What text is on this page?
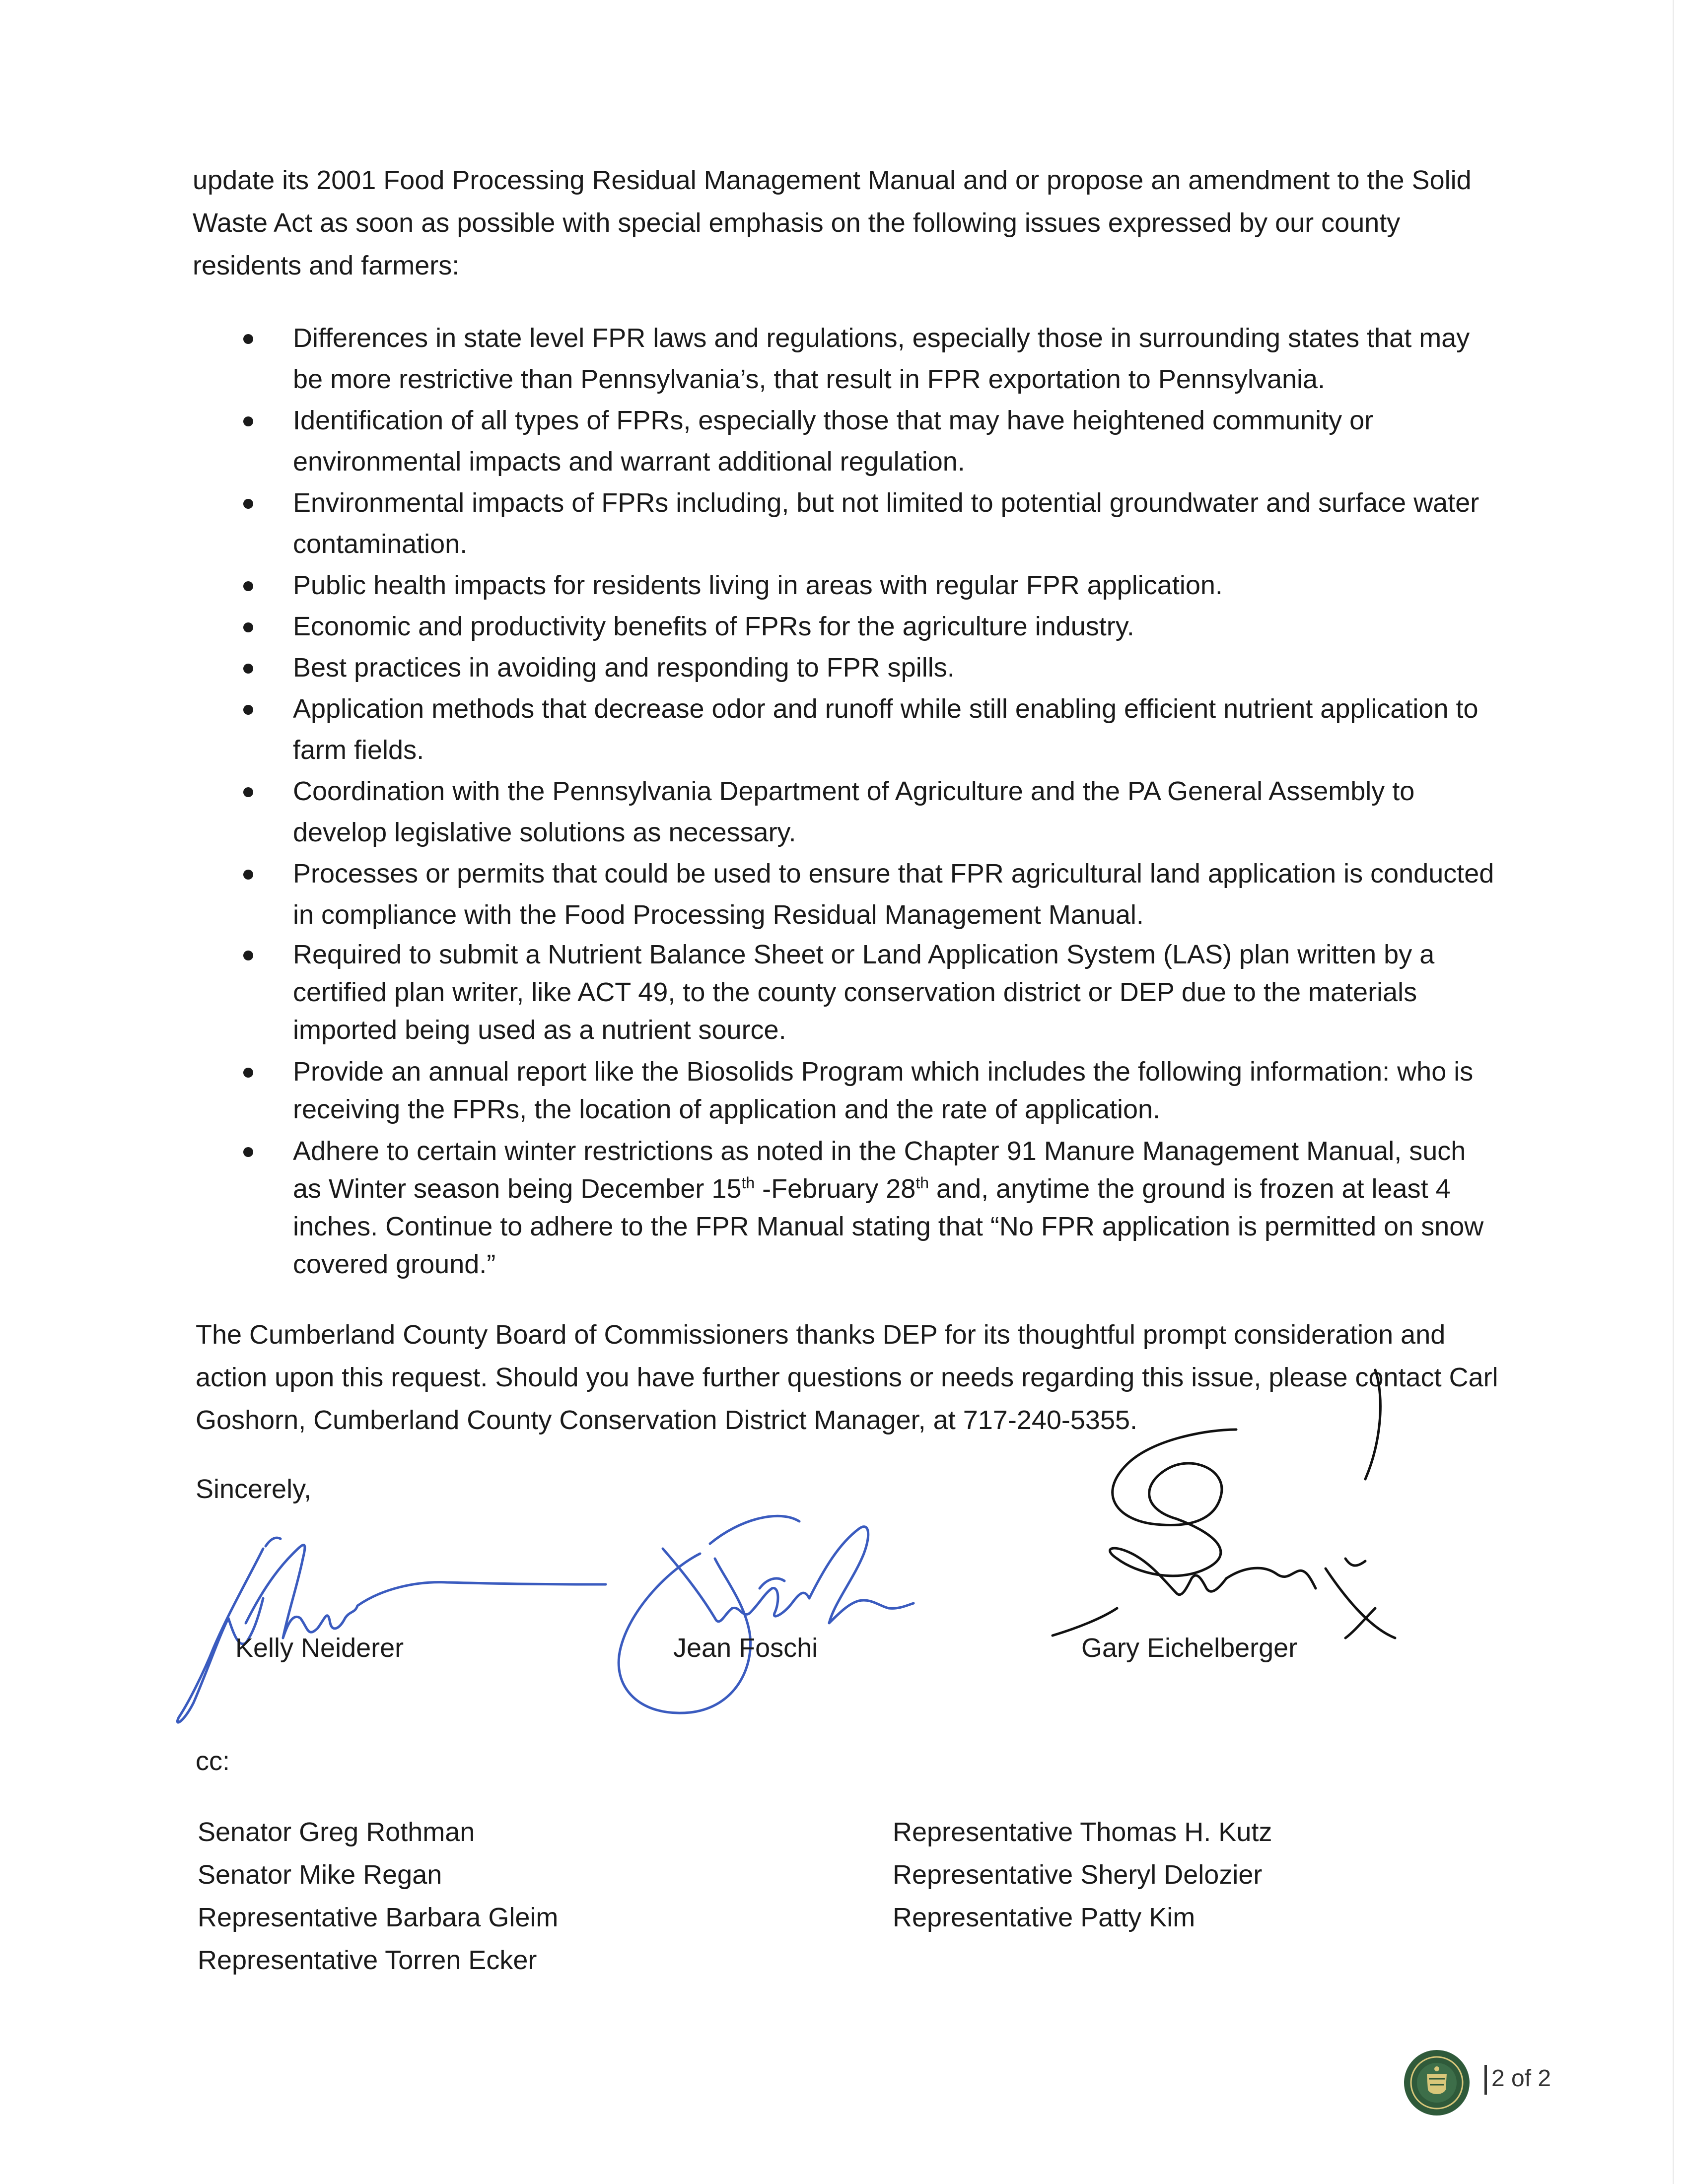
update its 2001 Food Processing Residual Management Manual and or propose an amendment to the Solid Waste Act as soon as possible with special emphasis on the following issues expressed by our county residents and farmers:

Differences in state level FPR laws and regulations, especially those in surrounding states that may be more restrictive than Pennsylvania’s, that result in FPR exportation to Pennsylvania.
Identification of all types of FPRs, especially those that may have heightened community or environmental impacts and warrant additional regulation.
Environmental impacts of FPRs including, but not limited to potential groundwater and surface water contamination.
Public health impacts for residents living in areas with regular FPR application.
Economic and productivity benefits of FPRs for the agriculture industry.
Best practices in avoiding and responding to FPR spills.
Application methods that decrease odor and runoff while still enabling efficient nutrient application to farm fields.
Coordination with the Pennsylvania Department of Agriculture and the PA General Assembly to develop legislative solutions as necessary.
Processes or permits that could be used to ensure that FPR agricultural land application is conducted in compliance with the Food Processing Residual Management Manual.
Required to submit a Nutrient Balance Sheet or Land Application System (LAS) plan written by a certified plan writer, like ACT 49, to the county conservation district or DEP due to the materials imported being used as a nutrient source.
Provide an annual report like the Biosolids Program which includes the following information: who is receiving the FPRs, the location of application and the rate of application.
Adhere to certain winter restrictions as noted in the Chapter 91 Manure Management Manual, such as Winter season being December 15th -February 28th and, anytime the ground is frozen at least 4 inches. Continue to adhere to the FPR Manual stating that “No FPR application is permitted on snow covered ground.”

The Cumberland County Board of Commissioners thanks DEP for its thoughtful prompt consideration and action upon this request. Should you have further questions or needs regarding this issue, please contact Carl Goshorn, Cumberland County Conservation District Manager, at 717-240-5355.

Sincerely,
Kelly Neiderer	Jean Foschi	Gary Eichelberger
cc:
Senator Greg Rothman
Senator Mike Regan
Representative Barbara Gleim
Representative Torren Ecker
Representative Thomas H. Kutz
Representative Sheryl Delozier
Representative Patty Kim
2 of 2
